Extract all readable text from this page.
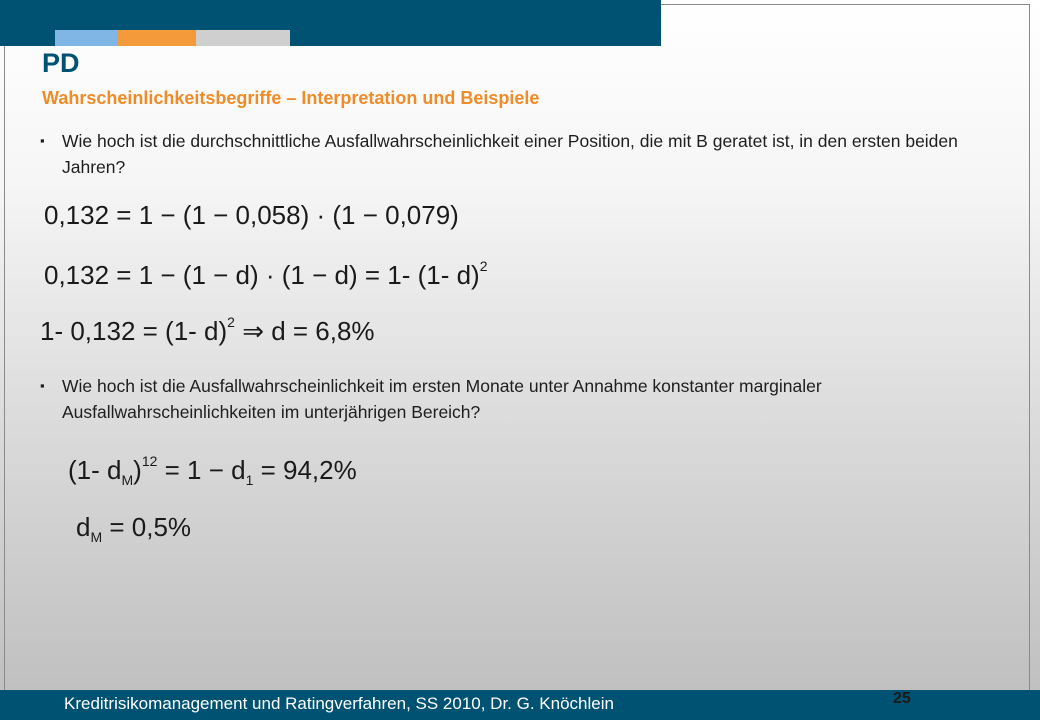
PD
Wahrscheinlichkeitsbegriffe – Interpretation und Beispiele
▪ Wie hoch ist die durchschnittliche Ausfallwahrscheinlichkeit einer Position, die mit B geratet ist, in den ersten beiden Jahren?
0,132 = 1 − (1 − 0,058) · (1 − 0,079)
0,132 = 1 − (1 − d) · (1 − d) = 1- (1- d)$^2$
1- 0,132 = (1- d)$^2$ ⇒ d = 6,8%
▪ Wie hoch ist die Ausfallwahrscheinlichkeit im ersten Monate unter Annahme konstanter marginaler Ausfallwahrscheinlichkeiten im unterjährigen Bereich?
(1- $d_M)^{12} = 1 - d_1 = 94,2\%$
$d_M = 0,5\%$
Kreditrisikomanagement und Ratingverfahren, SS 2010, Dr. G. Knöchlein	25
